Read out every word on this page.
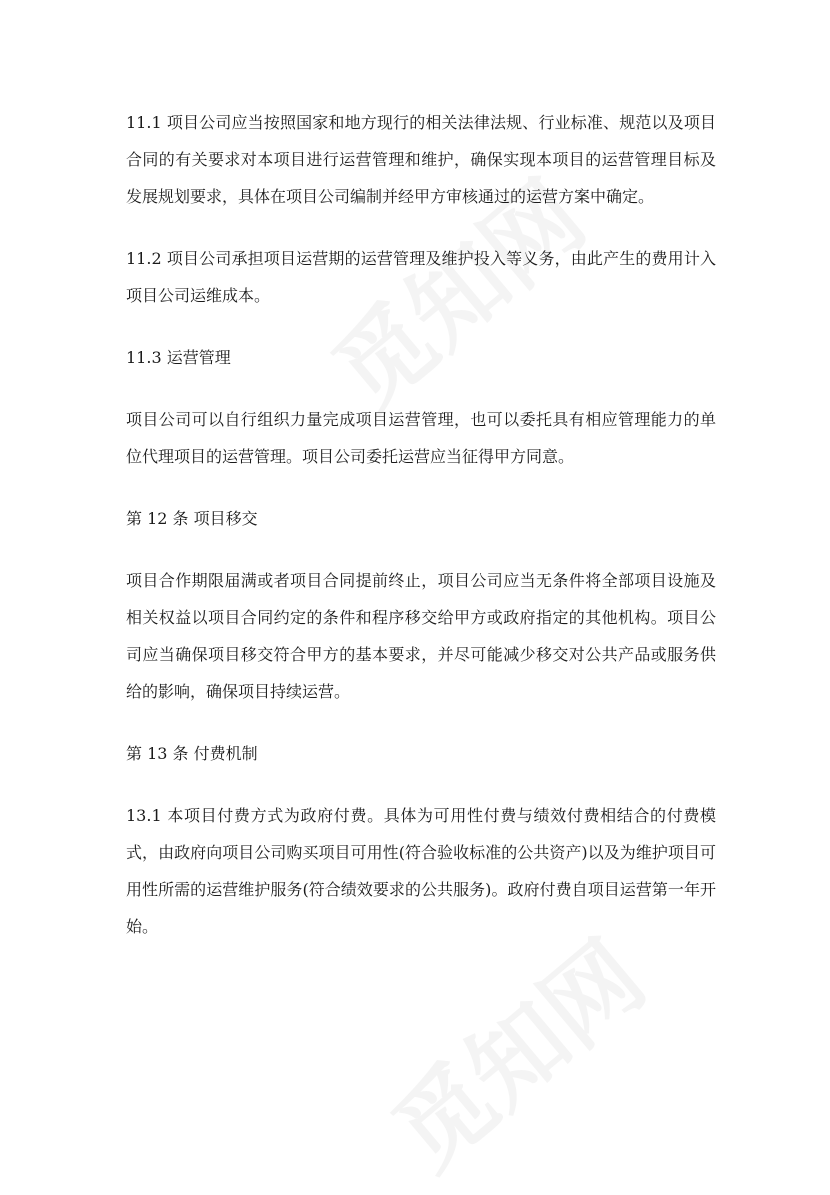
11.1 项目公司应当按照国家和地方现行的相关法律法规、行业标准、规范以及项目合同的有关要求对本项目进行运营管理和维护，确保实现本项目的运营管理目标及发展规划要求，具体在项目公司编制并经甲方审核通过的运营方案中确定。

11.2 项目公司承担项目运营期的运营管理及维护投入等义务，由此产生的费用计入项目公司运维成本。

11.3 运营管理

项目公司可以自行组织力量完成项目运营管理，也可以委托具有相应管理能力的单位代理项目的运营管理。项目公司委托运营应当征得甲方同意。

第 12 条 项目移交

项目合作期限届满或者项目合同提前终止，项目公司应当无条件将全部项目设施及相关权益以项目合同约定的条件和程序移交给甲方或政府指定的其他机构。项目公司应当确保项目移交符合甲方的基本要求，并尽可能减少移交对公共产品或服务供给的影响，确保项目持续运营。

第 13 条 付费机制

13.1 本项目付费方式为政府付费。具体为可用性付费与绩效付费相结合的付费模式，由政府向项目公司购买项目可用性(符合验收标准的公共资产)以及为维护项目可用性所需的运营维护服务(符合绩效要求的公共服务)。政府付费自项目运营第一年开始。
